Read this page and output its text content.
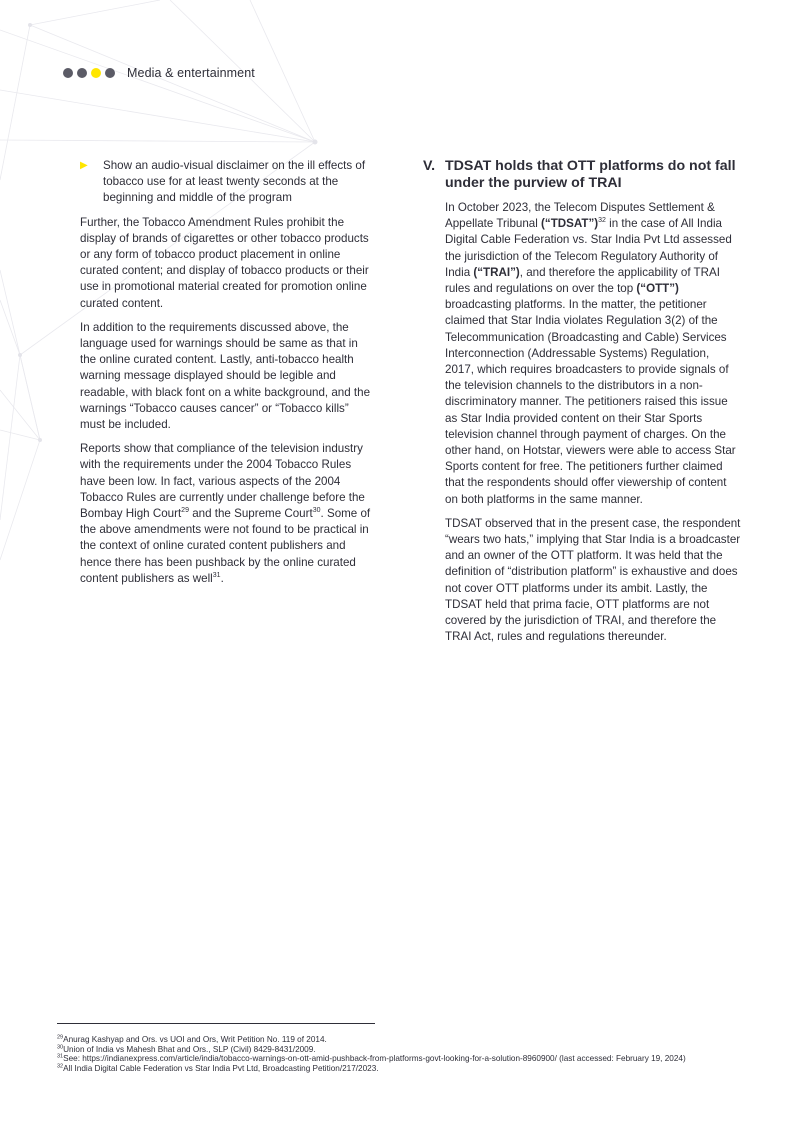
Media & entertainment
▶	Show an audio-visual disclaimer on the ill effects of tobacco use for at least twenty seconds at the beginning and middle of the program

Further, the Tobacco Amendment Rules prohibit the display of brands of cigarettes or other tobacco products or any form of tobacco product placement in online curated content; and display of tobacco products or their use in promotional material created for promotion online curated content.

In addition to the requirements discussed above, the language used for warnings should be same as that in the online curated content. Lastly, anti-tobacco health warning message displayed should be legible and readable, with black font on a white background, and the warnings “Tobacco causes cancer” or “Tobacco kills” must be included.

Reports show that compliance of the television industry with the requirements under the 2004 Tobacco Rules have been low. In fact, various aspects of the 2004 Tobacco Rules are currently under challenge before the Bombay High Court$^{29}$ and the Supreme Court$^{30}$. Some of the above amendments were not found to be practical in the context of online curated content publishers and hence there has been pushback by the online curated content publishers as well$^{31}$.

V. TDSAT holds that OTT platforms do not fall under the purview of TRAI

In October 2023, the Telecom Disputes Settlement & Appellate Tribunal (“TDSAT”)$^{32}$ in the case of All India Digital Cable Federation vs. Star India Pvt Ltd assessed the jurisdiction of the Telecom Regulatory Authority of India (“TRAI”), and therefore the applicability of TRAI rules and regulations on over the top (“OTT”) broadcasting platforms. In the matter, the petitioner claimed that Star India violates Regulation 3(2) of the Telecommunication (Broadcasting and Cable) Services Interconnection (Addressable Systems) Regulation, 2017, which requires broadcasters to provide signals of the television channels to the distributors in a non-discriminatory manner. The petitioners raised this issue as Star India provided content on their Star Sports television channel through payment of charges. On the other hand, on Hotstar, viewers were able to access Star Sports content for free. The petitioners further claimed that the respondents should offer viewership of content on both platforms in the same manner.

TDSAT observed that in the present case, the respondent “wears two hats,” implying that Star India is a broadcaster and an owner of the OTT platform. It was held that the definition of “distribution platform” is exhaustive and does not cover OTT platforms under its ambit. Lastly, the TDSAT held that prima facie, OTT platforms are not covered by the jurisdiction of TRAI, and therefore the TRAI Act, rules and regulations thereunder.

$^{29}$Anurag Kashyap and Ors. vs UOI and Ors, Writ Petition No. 119 of 2014.

$^{30}$Union of India vs Mahesh Bhat and Ors., SLP (Civil) 8429-8431/2009.

$^{31}$See: https://indianexpress.com/article/india/tobacco-warnings-on-ott-amid-pushback-from-platforms-govt-looking-for-a-solution-8960900/ (last accessed: February 19, 2024)

$^{32}$All India Digital Cable Federation vs Star India Pvt Ltd, Broadcasting Petition/217/2023.
